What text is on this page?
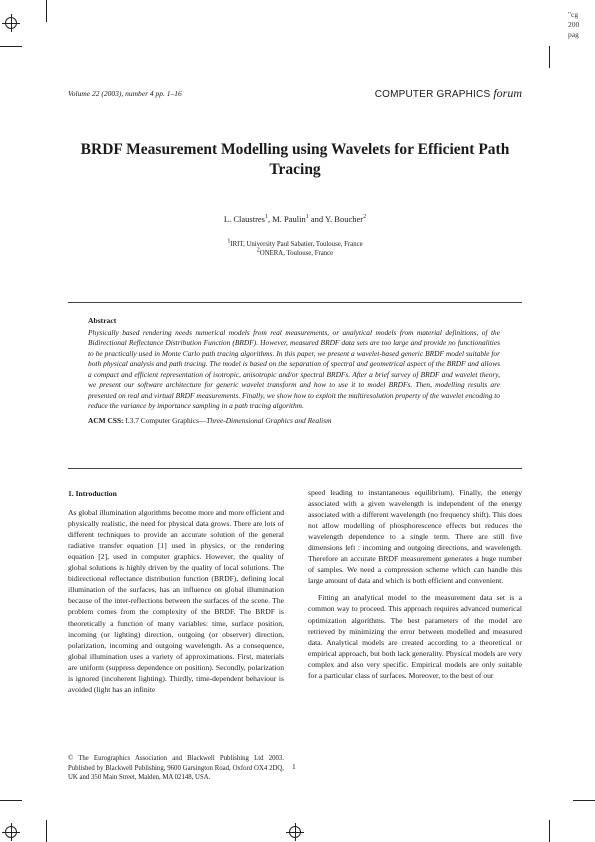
"cg
200
pag
Volume 22 (2003), number 4 pp. 1–16	COMPUTER GRAPHICS forum
BRDF Measurement Modelling using Wavelets for Efficient Path Tracing
L. Claustres$^1$, M. Paulin$^1$ and Y. Boucher$^2$
$^1$IRIT, University Paul Sabatier, Toulouse, France
$^2$ONERA, Toulouse, France
Abstract
Physically based rendering needs numerical models from real measurements, or analytical models from material definitions, of the Bidirectional Reflectance Distribution Function (BRDF). However, measured BRDF data sets are too large and provide no functionalities to be practically used in Monte Carlo path tracing algorithms. In this paper, we present a wavelet-based generic BRDF model suitable for both physical analysis and path tracing. The model is based on the separation of spectral and geometrical aspect of the BRDF and allows a compact and efficient representation of isotropic, anisotropic and/or spectral BRDFs. After a brief survey of BRDF and wavelet theory, we present our software architecture for generic wavelet transform and how to use it to model BRDFs. Then, modelling results are presented on real and virtual BRDF measurements. Finally, we show how to exploit the multiresolution property of the wavelet encoding to reduce the variance by importance sampling in a path tracing algorithm.
ACM CSS: I.3.7 Computer Graphics—Three-Dimensional Graphics and Realism
1. Introduction

As global illumination algorithms become more and more efficient and physically realistic, the need for physical data grows. There are lots of different techniques to provide an accurate solution of the general radiative transfer equation [1] used in physics, or the rendering equation [2], used in computer graphics. However, the quality of global solutions is highly driven by the quality of local solutions. The bidirectional reflectance distribution function (BRDF), defining local illumination of the surfaces, has an influence on global illumination because of the inter-reflections between the surfaces of the scene. The problem comes from the complexity of the BRDF. The BRDF is theoretically a function of many variables: time, surface position, incoming (or lighting) direction, outgoing (or observer) direction, polarization, incoming and outgoing wavelength. As a consequence, global illumination uses a variety of approximations. First, materials are uniform (suppress dependence on position). Secondly, polarization is ignored (incoherent lighting). Thirdly, time-dependent behaviour is avoided (light has an infinite

speed leading to instantaneous equilibrium). Finally, the energy associated with a given wavelength is independent of the energy associated with a different wavelength (no frequency shift). This does not allow modelling of phosphorescence effects but reduces the wavelength dependence to a single term. There are still five dimensions left : incoming and outgoing directions, and wavelength. Therefore an accurate BRDF measurement generates a huge number of samples. We need a compression scheme which can handle this large amount of data and which is both efficient and convenient.

Fitting an analytical model to the measurement data set is a common way to proceed. This approach requires advanced numerical optimization algorithms. The best parameters of the model are retrieved by minimizing the error between modelled and measured data. Analytical models are created according to a theoretical or empirical approach, but both lack generality. Physical models are very complex and also very specific. Empirical models are only suitable for a particular class of surfaces. Moreover, to the best of our

© The Eurographics Association and Blackwell Publishing Ltd 2003. Published by Blackwell Publishing, 9600 Garsington Road, Oxford OX4 2DQ, UK and 350 Main Street, Malden, MA 02148, USA.
1
